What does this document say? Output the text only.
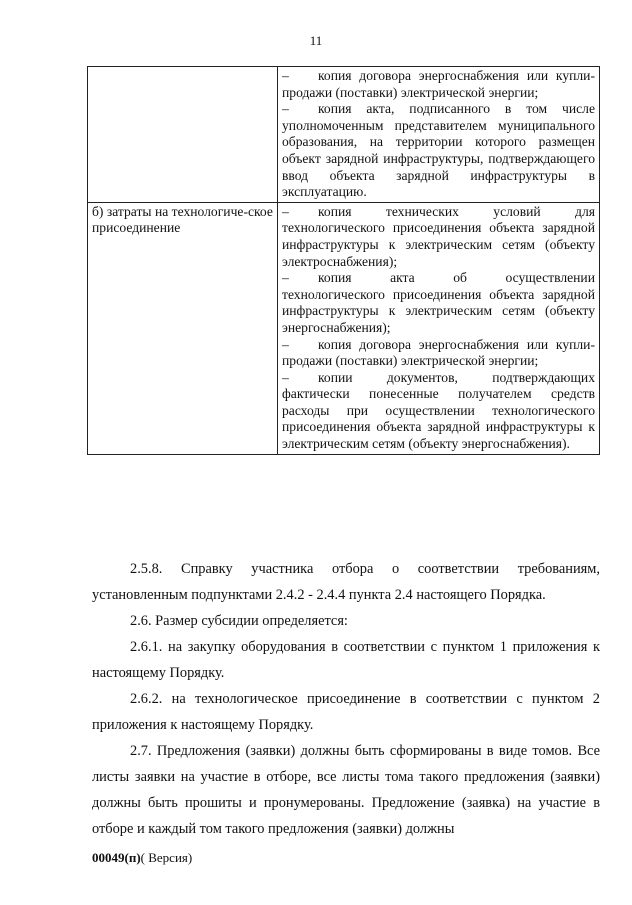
11

	– копия договора энергоснабжения или купли-продажи (поставки) электрической энергии;

– копия акта, подписанного в том числе уполномоченным представителем муниципального образования, на территории которого размещен объект зарядной инфраструктуры, подтверждающего ввод объекта зарядной инфраструктуры в эксплуатацию.

б) затраты на технологиче-ское присоединение	– копия технических условий для технологического присоединения объекта зарядной инфраструктуры к электрическим сетям (объекту электроснабжения);

– копия акта об осуществлении технологического присоединения объекта зарядной инфраструктуры к электрическим сетям (объекту энергоснабжения);

– копия договора энергоснабжения или купли-продажи (поставки) электрической энергии;

– копии документов, подтверждающих фактически понесенные получателем средств расходы при осуществлении технологического присоединения объекта зарядной инфраструктуры к электрическим сетям (объекту энергоснабжения).

2.5.8. Справку участника отбора о соответствии требованиям, установленным подпунктами 2.4.2 - 2.4.4 пункта 2.4 настоящего Порядка.

2.6. Размер субсидии определяется:

2.6.1. на закупку оборудования в соответствии с пунктом 1 приложения к настоящему Порядку.

2.6.2. на технологическое присоединение в соответствии с пунктом 2 приложения к настоящему Порядку.

2.7. Предложения (заявки) должны быть сформированы в виде томов. Все листы заявки на участие в отборе, все листы тома такого предложения (заявки) должны быть прошиты и пронумерованы. Предложение (заявка) на участие в отборе и каждый том такого предложения (заявки) должны

00049(п)( Версия)
